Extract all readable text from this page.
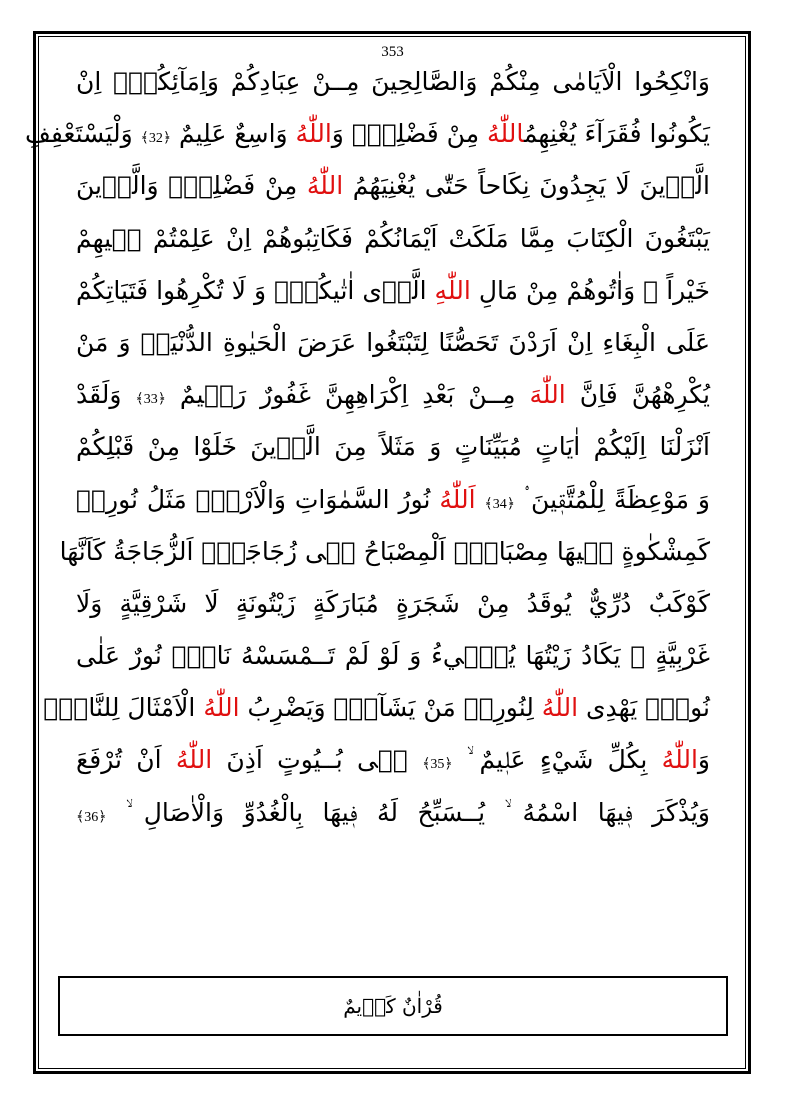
353
وَانْكِحُوا الْاَيَامٰى مِنْكُمْ وَالصَّالِحِينَ مِــنْ عِبَادِكُمْ وَاِمَآئِكُمْۜ اِنْ
يَكُونُوا فُقَرَآءَ يُغْنِهِمُاللّٰهُ مِنْ فَضْلِهٖۜ وَاللّٰهُ وَاسِعٌ عَلِيمٌ ﴿32﴾ وَلْيَسْتَعْفِفِ
الَّذٖينَ لَا يَجِدُونَ نِكَاحاً حَتّٰى يُغْنِيَهُمُ اللّٰهُ مِنْ فَضْلِهٖۜ وَالَّذٖينَ
يَبْتَغُونَ الْكِتَابَ مِمَّا مَلَكَتْ اَيْمَانُكُمْ فَكَاتِبُوهُمْ اِنْ عَلِمْتُمْ فٖيهِمْ
خَيْراً ۗ وَاٰتُوهُمْ مِنْ مَالِ اللّٰهِ الَّذٖى اٰتٰيكُمْۜ وَ لَا تُكْرِهُوا فَتَيَاتِكُمْ
عَلَى الْبِغَاءِ اِنْ اَرَدْنَ تَحَصُّنًا لِتَبْتَغُوا عَرَضَ الْحَيٰوةِ الدُّنْيَاۜ وَ مَنْ
يُكْرِهْهُنَّ فَاِنَّ اللّٰهَ مِــنْ بَعْدِ اِكْرَاهِهِنَّ غَفُورٌ رَحٖيمٌ ﴿33﴾ وَلَقَدْ
اَنْزَلْنَا اِلَيْكُمْ اٰيَاتٍ مُبَيِّنَاتٍ وَ مَثَلاً مِنَ الَّذٖينَ خَلَوْا مِنْ قَبْلِكُمْ
وَ مَوْعِظَةً لِلْمُتَّقٖينَ ۟ ﴿34﴾ اَللّٰهُ نُورُ السَّمٰوَاتِ وَالْاَرْضِۜ مَثَلُ نُورِهٖ
كَمِشْكٰوةٍ فٖيهَا مِصْبَاحٌۜ اَلْمِصْبَاحُ فٖى زُجَاجَةٍۜ اَلزُّجَاجَةُ كَاَنَّهَا
كَوْكَبٌ دُرِّيٌّ يُوقَدُ مِنْ شَجَرَةٍ مُبَارَكَةٍ زَيْتُونَةٍ لَا شَرْقِيَّةٍ وَلَا
غَرْبِيَّةٍ ۙ يَكَادُ زَيْتُهَا يُضٖٓيءُ وَ لَوْ لَمْ تَــمْسَسْهُ نَارٌۜ نُورٌ عَلٰى
نُورٍۜ يَهْدِى اللّٰهُ لِنُورِهٖ مَنْ يَشَآءُۜ وَيَضْرِبُ اللّٰهُ الْاَمْثَالَ لِلنَّاسِۜ
وَاللّٰهُ بِكُلِّ شَيْءٍ عَلٖيمٌ ۙ ﴿35﴾ فٖى بُــيُوتٍ اَذِنَ اللّٰهُ اَنْ تُرْفَعَ
وَيُذْكَرَ فٖيهَا اسْمُهُ ۙ يُــسَبِّحُ لَهُ فٖيهَا بِالْغُدُوِّ وَالْاٰصَالِ ۙ ﴿36﴾
قُرْاٰنٌ كَرٖيمٌ
